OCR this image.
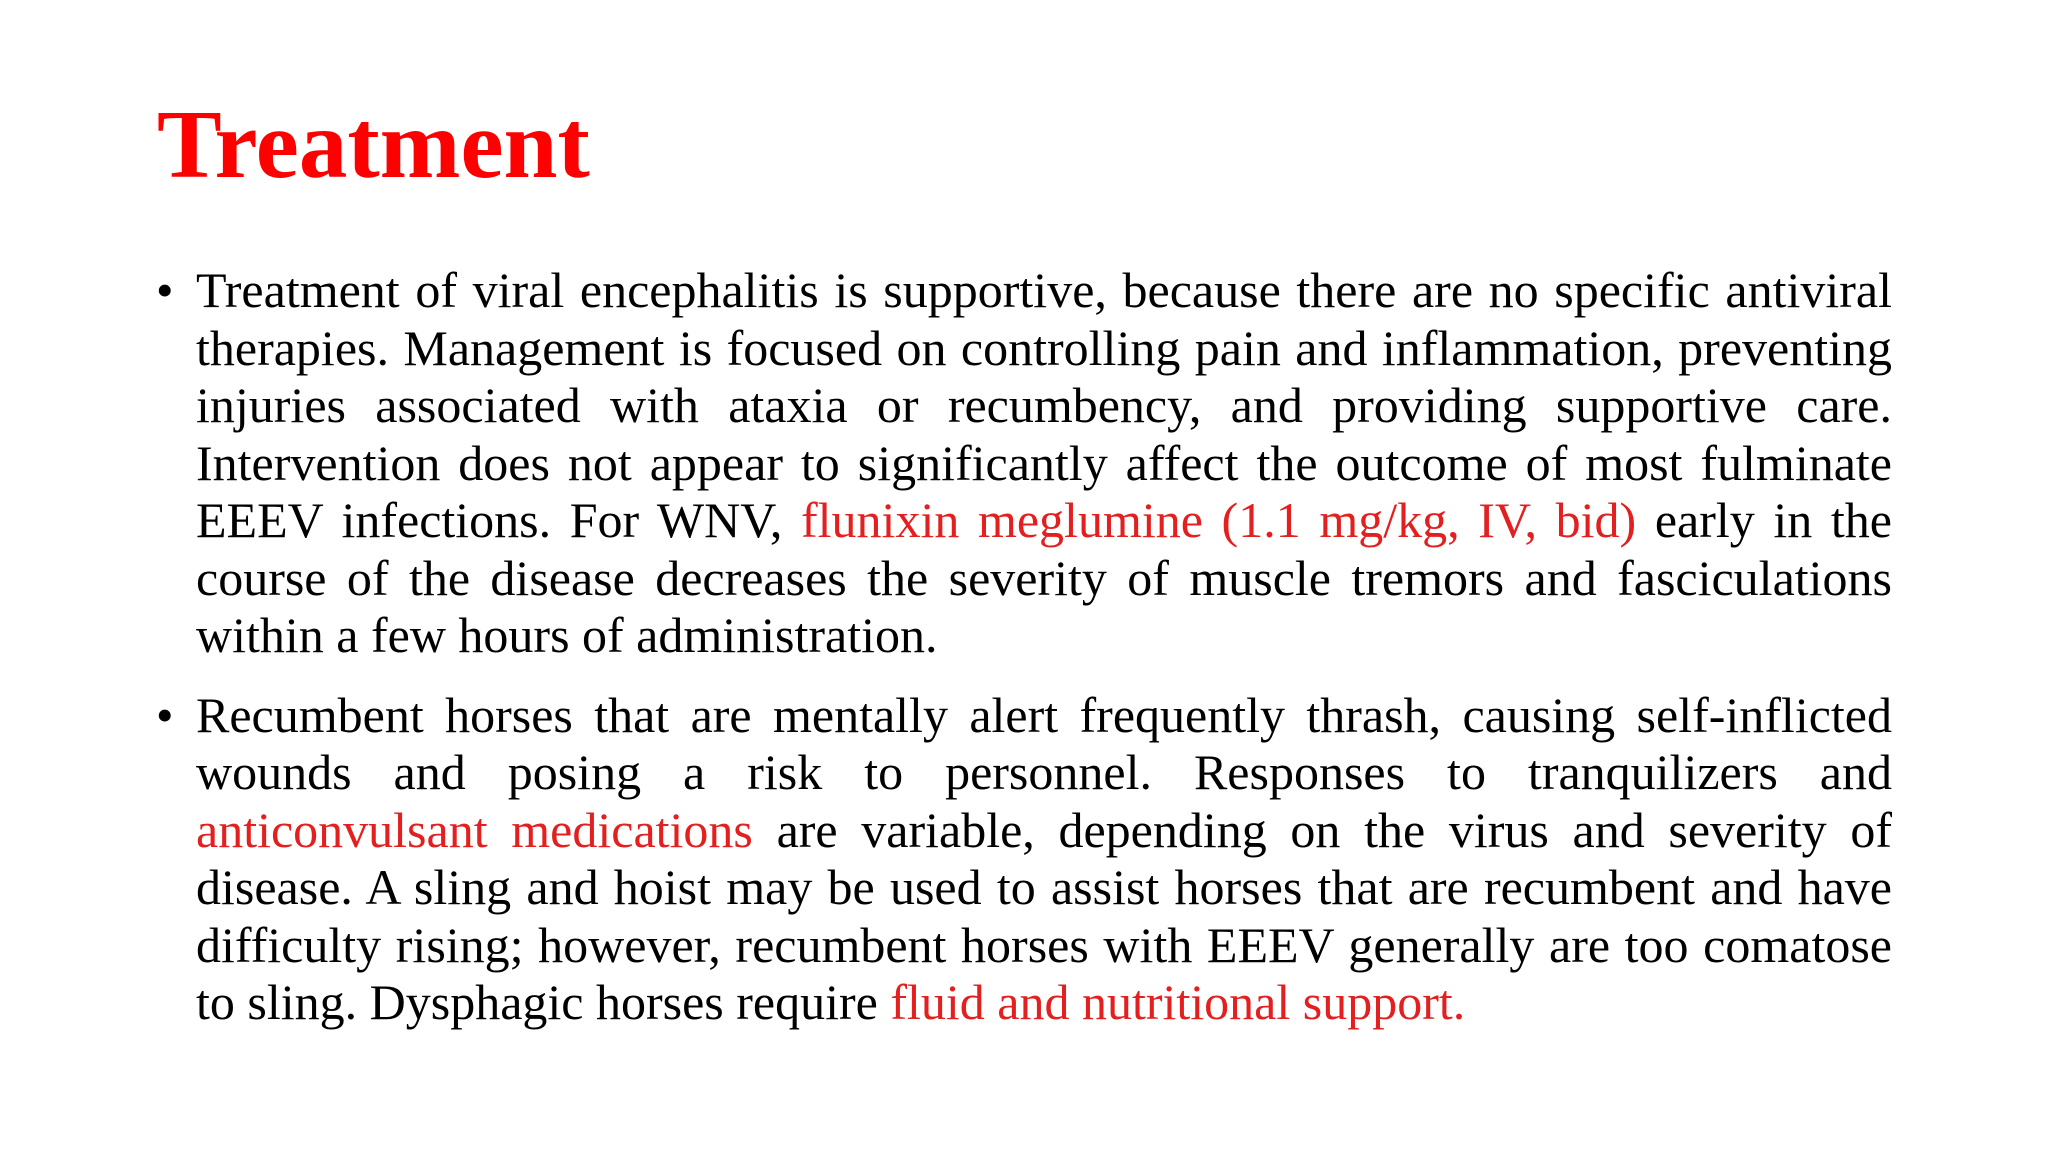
Treatment
• Treatment of viral encephalitis is supportive, because there are no specific antiviral therapies. Management is focused on controlling pain and inflammation, preventing injuries associated with ataxia or recumbency, and providing supportive care. Intervention does not appear to significantly affect the outcome of most fulminate EEEV infections. For WNV, flunixin meglumine (1.1 mg/kg, IV, bid) early in the course of the disease decreases the severity of muscle tremors and fasciculations within a few hours of administration.
• Recumbent horses that are mentally alert frequently thrash, causing self-inflicted wounds and posing a risk to personnel. Responses to tranquilizers and anticonvulsant medications are variable, depending on the virus and severity of disease. A sling and hoist may be used to assist horses that are recumbent and have difficulty rising; however, recumbent horses with EEEV generally are too comatose to sling. Dysphagic horses require fluid and nutritional support.
